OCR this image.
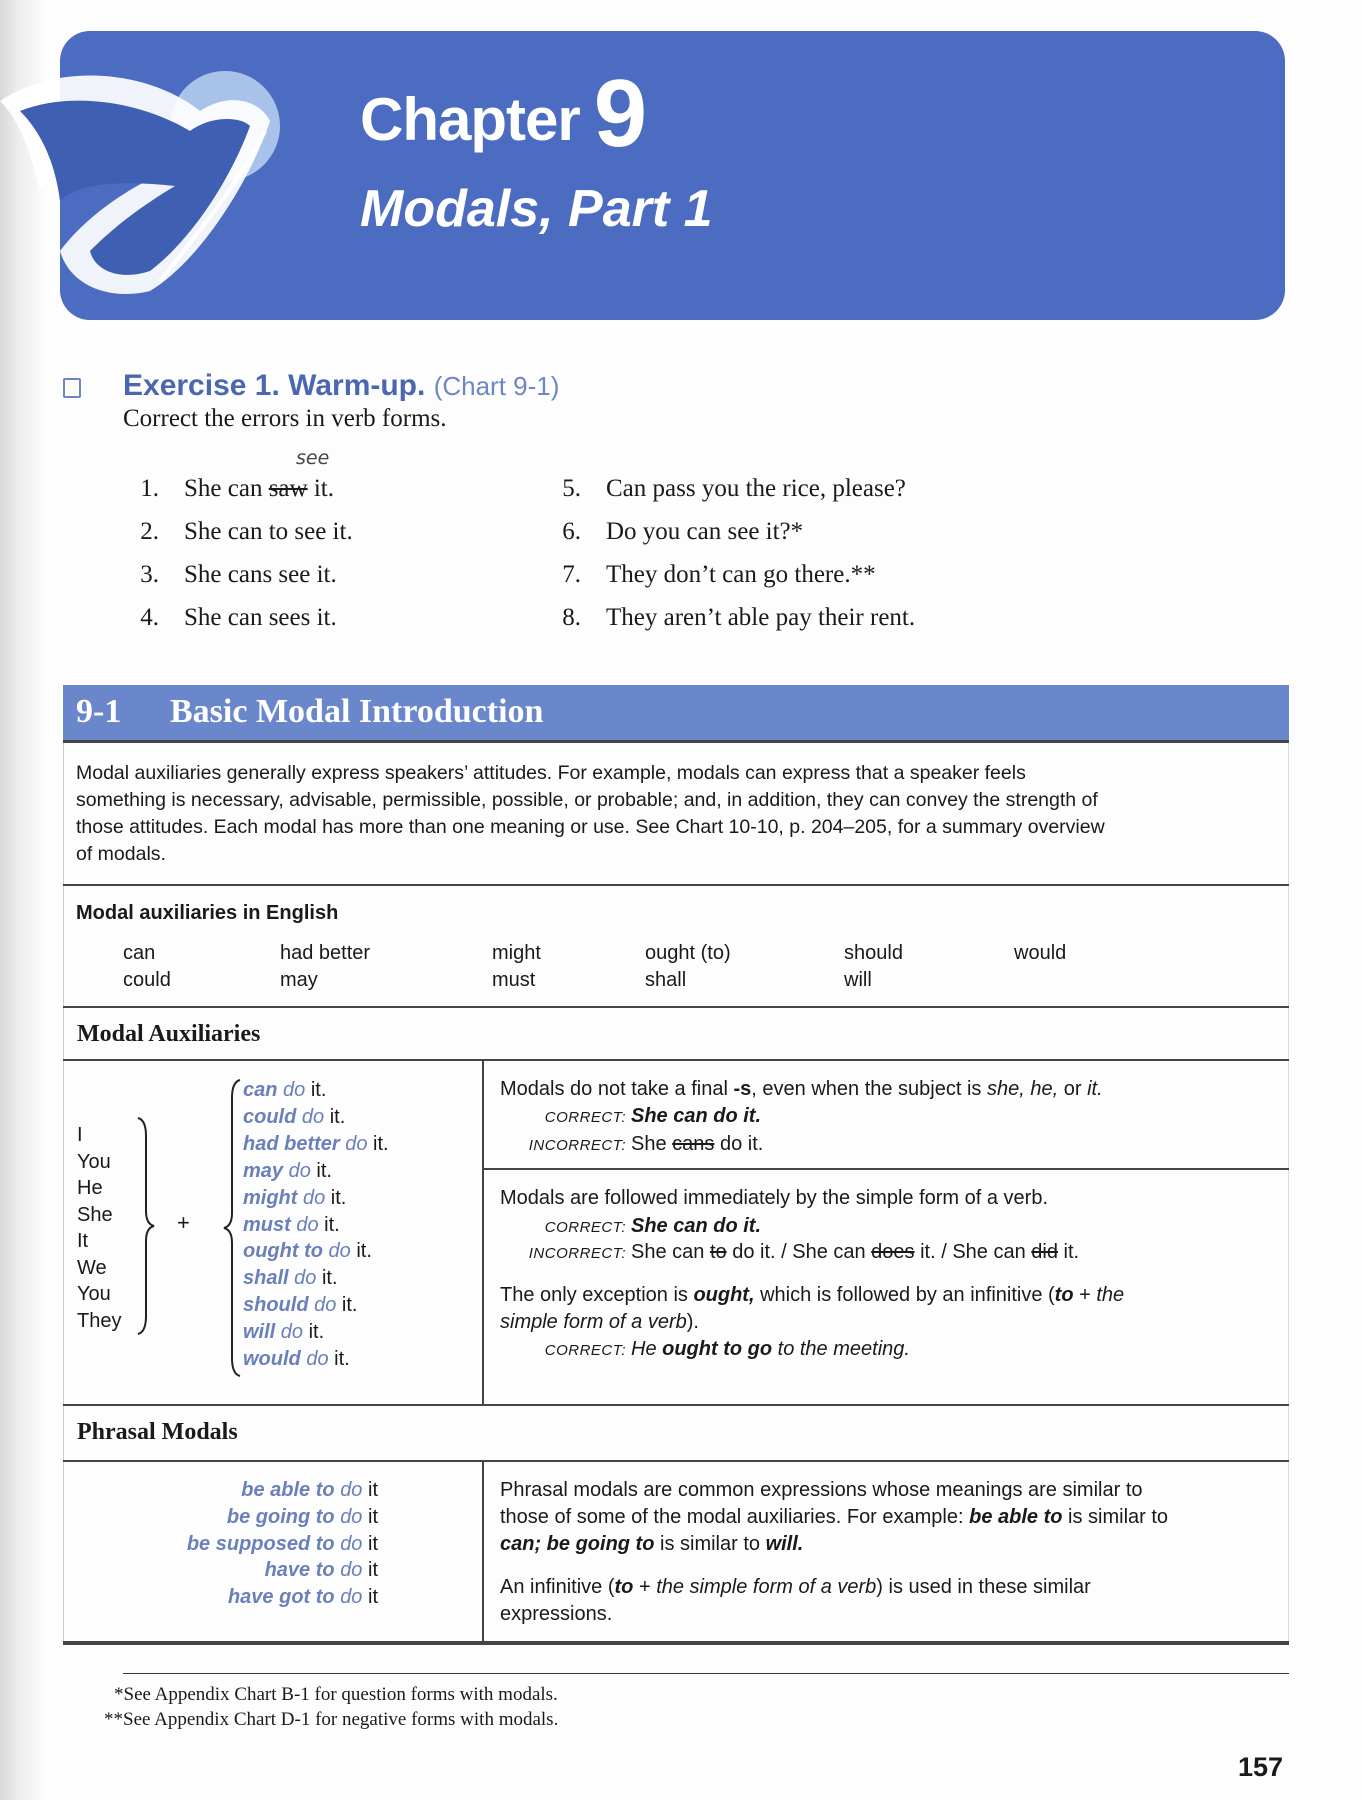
Chapter 9
Modals, Part 1
Exercise 1. Warm-up. (Chart 9-1)
Correct the errors in verb forms.
see
1. She can saw it.
2. She can to see it.
3. She cans see it.
4. She can sees it.
5. Can pass you the rice, please?
6. Do you can see it?*
7. They don’t can go there.**
8. They aren’t able pay their rent.
9-1 Basic Modal Introduction
Modal auxiliaries generally express speakers’ attitudes. For example, modals can express that a speaker feels
something is necessary, advisable, permissible, possible, or probable; and, in addition, they can convey the strength of
those attitudes. Each modal has more than one meaning or use. See Chart 10-10, p. 204–205, for a summary overview
of modals.
Modal auxiliaries in English
can
could
had better
may
might
must
ought (to)
shall
should
will
would
Modal Auxiliaries
I
You
He
She
It
We
You
They
+
can do it.
could do it.
had better do it.
may do it.
might do it.
must do it.
ought to do it.
shall do it.
should do it.
will do it.
would do it.
Modals do not take a final -s, even when the subject is she, he, or it.
CORRECT: She can do it.
INCORRECT: She cans do it.
Modals are followed immediately by the simple form of a verb.
CORRECT: She can do it.
INCORRECT: She can to do it. / She can does it. / She can did it.
The only exception is ought, which is followed by an infinitive (to + the
simple form of a verb).
CORRECT: He ought to go to the meeting.
Phrasal Modals
be able to do it
be going to do it
be supposed to do it
have to do it
have got to do it
Phrasal modals are common expressions whose meanings are similar to
those of some of the modal auxiliaries. For example: be able to is similar to
can; be going to is similar to will.
An infinitive (to + the simple form of a verb) is used in these similar
expressions.
*See Appendix Chart B-1 for question forms with modals.
**See Appendix Chart D-1 for negative forms with modals.
157
